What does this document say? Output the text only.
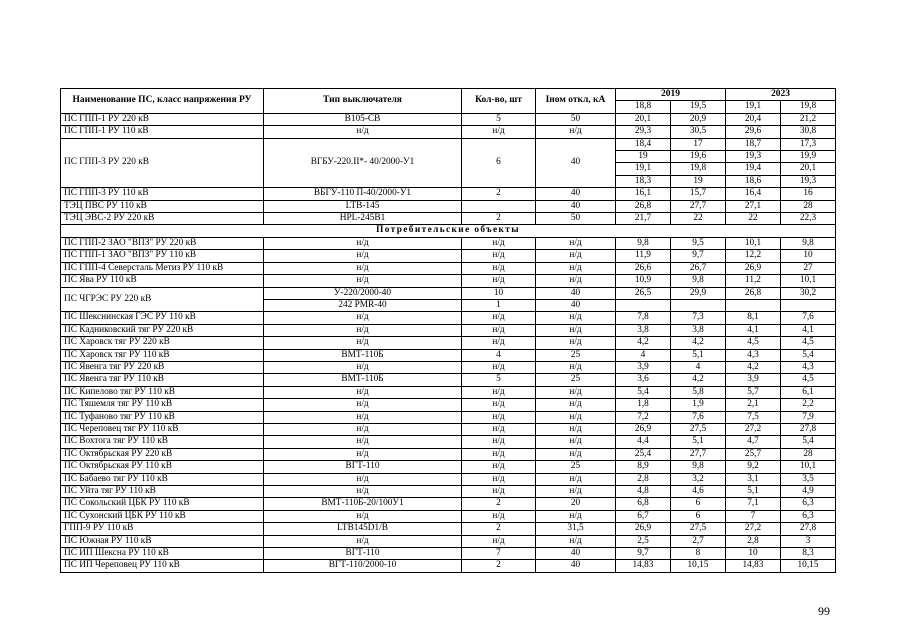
Наименование ПС, класс напряжения РУ	Тип выключателя	Кол-во, шт	Iном откл, кА	2019		2023	
				18,8	19,5	19,1	19,8
ПС ГПП-1 РУ 220 кВ	В105-СВ	5	50	20,1	20,9	20,4	21,2
ПС ГПП-1 РУ 110 кВ	н/д	н/д	н/д	29,3	30,5	29,6	30,8
ПС ГПП-3 РУ 220 кВ	ВГБУ-220.II*- 40/2000-У1	6	40	18,4	17	18,7	17,3
				19	19,6	19,3	19,9
				19,1	19,8	19,4	20,1
				18,3	19	18,6	19,3
ПС ГПП-3 РУ 110 кВ	ВБГУ-110 П-40/2000-У1	2	40	16,1	15,7	16,4	16
ТЭЦ ПВС РУ 110 кВ	LTB-145		40	26,8	27,7	27,1	28
ТЭЦ ЭВС-2 РУ 220 кВ	HPL-245B1	2	50	21,7	22	22	22,3
Потребительские объекты							
ПС ГПП-2 ЗАО "ВПЗ" РУ 220 кВ	н/д	н/д	н/д	9,8	9,5	10,1	9,8
ПС ГПП-1 ЗАО "ВПЗ" РУ 110 кВ	н/д	н/д	н/д	11,9	9,7	12,2	10
ПС ГПП-4 Северсталь Метиз РУ 110 кВ	н/д	н/д	н/д	26,6	26,7	26,9	27
ПС Ява РУ 110 кВ	н/д	н/д	н/д	10,9	9,8	11,2	10,1
ПС ЧГРЭС РУ 220 кВ	У-220/2000-40	10	40	26,5	29,9	26,8	30,2
	242 PMR-40	1	40				
ПС Шекснинская ГЭС РУ 110 кВ	н/д	н/д	н/д	7,8	7,3	8,1	7,6
ПС Кадниковский тяг РУ 220 кВ	н/д	н/д	н/д	3,8	3,8	4,1	4,1
ПС Харовск тяг РУ 220 кВ	н/д	н/д	н/д	4,2	4,2	4,5	4,5
ПС Харовск тяг РУ 110 кВ	ВМТ-110Б	4	25	4	5,1	4,3	5,4
ПС Явенга тяг РУ 220 кВ	н/д	н/д	н/д	3,9	4	4,2	4,3
ПС Явенга тяг РУ 110 кВ	ВМТ-110Б	5	25	3,6	4,2	3,9	4,5
ПС Кипелово тяг РУ 110 кВ	н/д	н/д	н/д	5,4	5,8	5,7	6,1
ПС Тяшемля тяг РУ 110 кВ	н/д	н/д	н/д	1,8	1,9	2,1	2,2
ПС Туфаново тяг РУ 110 кВ	н/д	н/д	н/д	7,2	7,6	7,5	7,9
ПС Череповец тяг РУ 110 кВ	н/д	н/д	н/д	26,9	27,5	27,2	27,8
ПС Вохтога тяг РУ 110 кВ	н/д	н/д	н/д	4,4	5,1	4,7	5,4
ПС Октябрьская РУ 220 кВ	н/д	н/д	н/д	25,4	27,7	25,7	28
ПС Октябрьская РУ 110 кВ	ВГТ-110	н/д	25	8,9	9,8	9,2	10,1
ПС Бабаево тяг РУ 110 кВ	н/д	н/д	н/д	2,8	3,2	3,1	3,5
ПС Уйта тяг РУ 110 кВ	н/д	н/д	н/д	4,8	4,6	5,1	4,9
ПС Сокольский ЦБК РУ 110 кВ	ВМТ-110Б-20/100У1	2	20	6,8	6	7,1	6,3
ПС Сухонский ЦБК РУ 110 кВ	н/д	н/д	н/д	6,7	6	7	6,3
ГПП-9 РУ 110 кВ	LTB145D1/B	2	31,5	26,9	27,5	27,2	27,8
ПС Южная РУ 110 кВ	н/д	н/д	н/д	2,5	2,7	2,8	3
ПС ИП Шексна РУ 110 кВ	ВГТ-110	7	40	9,7	8	10	8,3
ПС ИП Череповец РУ 110 кВ	ВГТ-110/2000-10	2	40	14,83	10,15	14,83	10,15
99
